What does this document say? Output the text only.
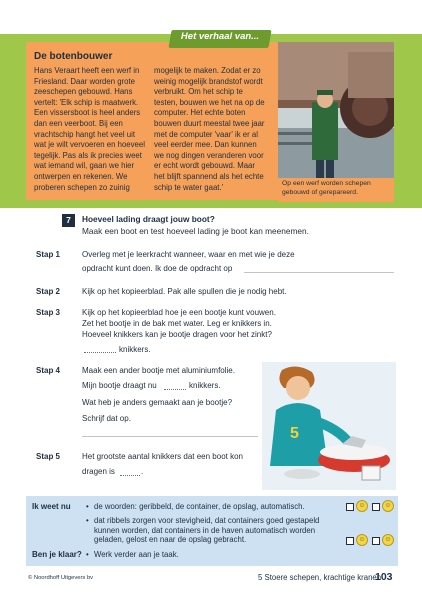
Het verhaal van...
De botenbouwer
Hans Veraart heeft een werf in
Friesland. Daar worden grote
zeeschepen gebouwd. Hans
vertelt: 'Elk schip is maatwerk.
Een vissersboot is heel anders
dan een veerboot. Bij een
vrachtschip hangt het veel uit
wat je wilt vervoeren en hoeveel
tegelijk. Pas als ik precies weet
wat iemand wil, gaan we hier
ontwerpen en rekenen. We
proberen schepen zo zuinig
mogelijk te maken. Zodat er zo
weinig mogelijk brandstof wordt
verbruikt. Om het schip te
testen, bouwen we het na op de
computer. Het echte boten
bouwen duurt meestal twee jaar
met de computer 'vaar' ik er al
veel eerder mee. Dan kunnen
we nog dingen veranderen voor
er echt wordt gebouwd. Maar
het blijft spannend als het echte
schip te water gaat.'	Op een werf worden schepen gebouwd of gerepareerd.
7	Hoeveel lading draagt jouw boot?
Maak een boot en test hoeveel lading je boot kan meenemen.
Stap 1	Overleg met je leerkracht wanneer, waar en met wie je deze
opdracht kunt doen. Ik doe de opdracht op
Stap 2	Kijk op het kopieerblad. Pak alle spullen die je nodig hebt.
Stap 3	Kijk op het kopieerblad hoe je een bootje kunt vouwen.
Zet het bootje in de bak met water. Leg er knikkers in.
Hoeveel knikkers kan je bootje dragen voor het zinkt?
knikkers.
Stap 4	Maak een ander bootje met aluminiumfolie.
Mijn bootje draagt nu	knikkers.
Wat heb je anders gemaakt aan je bootje?
Schrijf dat op.
Stap 5	Het grootste aantal knikkers dat een boot kon
dragen is	.
5
Ik weet nu • de woorden: geribbeld, de container, de opslag, automatisch.	☺	☺
• dat ribbels zorgen voor stevigheid, dat containers goed gestapeld kunnen worden, dat containers in de haven automatisch worden geladen, gelost en naar de opslag gebracht.	☺	☺
Ben je klaar? • Werk verder aan je taak.
© Noordhoff Uitgevers bv	5 Stoere schepen, krachtige kranen
103
